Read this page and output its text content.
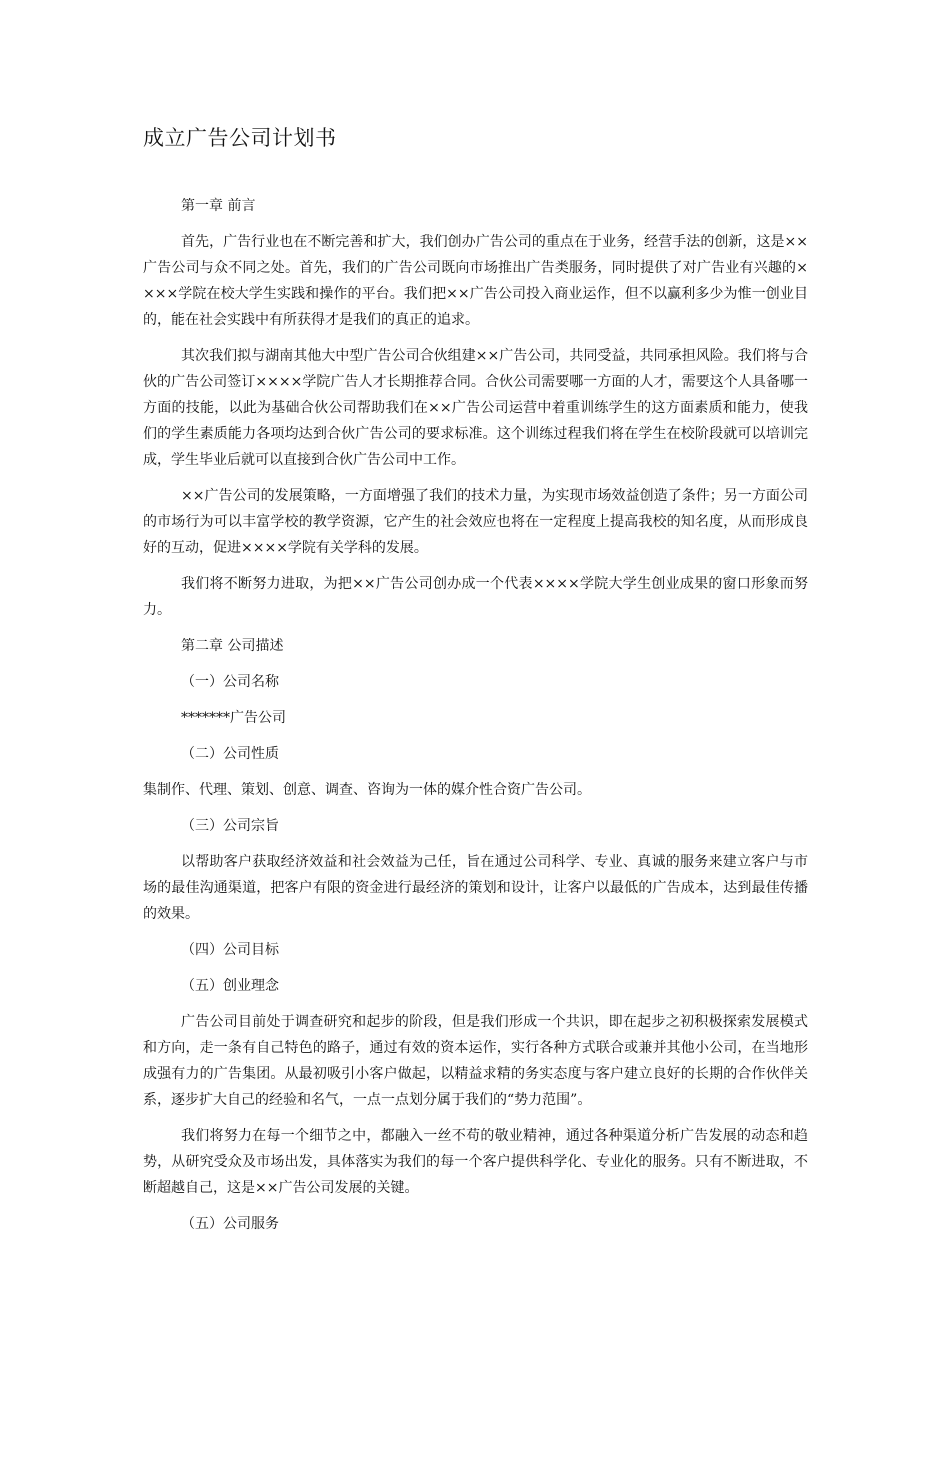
成立广告公司计划书

第一章 前言

首先，广告行业也在不断完善和扩大，我们创办广告公司的重点在于业务，经营手法的创新，这是××广告公司与众不同之处。首先，我们的广告公司既向市场推出广告类服务，同时提供了对广告业有兴趣的××××学院在校大学生实践和操作的平台。我们把××广告公司投入商业运作，但不以赢利多少为惟一创业目的，能在社会实践中有所获得才是我们的真正的追求。

其次我们拟与湖南其他大中型广告公司合伙组建××广告公司，共同受益，共同承担风险。我们将与合伙的广告公司签订××××学院广告人才长期推荐合同。合伙公司需要哪一方面的人才，需要这个人具备哪一方面的技能，以此为基础合伙公司帮助我们在××广告公司运营中着重训练学生的这方面素质和能力，使我们的学生素质能力各项均达到合伙广告公司的要求标准。这个训练过程我们将在学生在校阶段就可以培训完成，学生毕业后就可以直接到合伙广告公司中工作。

××广告公司的发展策略，一方面增强了我们的技术力量，为实现市场效益创造了条件；另一方面公司的市场行为可以丰富学校的教学资源，它产生的社会效应也将在一定程度上提高我校的知名度，从而形成良好的互动，促进××××学院有关学科的发展。

我们将不断努力进取，为把××广告公司创办成一个代表××××学院大学生创业成果的窗口形象而努力。

第二章 公司描述

（一）公司名称

*******广告公司

（二）公司性质

集制作、代理、策划、创意、调查、咨询为一体的媒介性合资广告公司。

（三）公司宗旨

以帮助客户获取经济效益和社会效益为己任，旨在通过公司科学、专业、真诚的服务来建立客户与市场的最佳沟通渠道，把客户有限的资金进行最经济的策划和设计，让客户以最低的广告成本，达到最佳传播的效果。

（四）公司目标

（五）创业理念

广告公司目前处于调查研究和起步的阶段，但是我们形成一个共识，即在起步之初积极探索发展模式和方向，走一条有自己特色的路子，通过有效的资本运作，实行各种方式联合或兼并其他小公司，在当地形成强有力的广告集团。从最初吸引小客户做起，以精益求精的务实态度与客户建立良好的长期的合作伙伴关系，逐步扩大自己的经验和名气，一点一点划分属于我们的“势力范围”。

我们将努力在每一个细节之中，都融入一丝不苟的敬业精神，通过各种渠道分析广告发展的动态和趋势，从研究受众及市场出发，具体落实为我们的每一个客户提供科学化、专业化的服务。只有不断进取，不断超越自己，这是××广告公司发展的关键。

（五）公司服务
